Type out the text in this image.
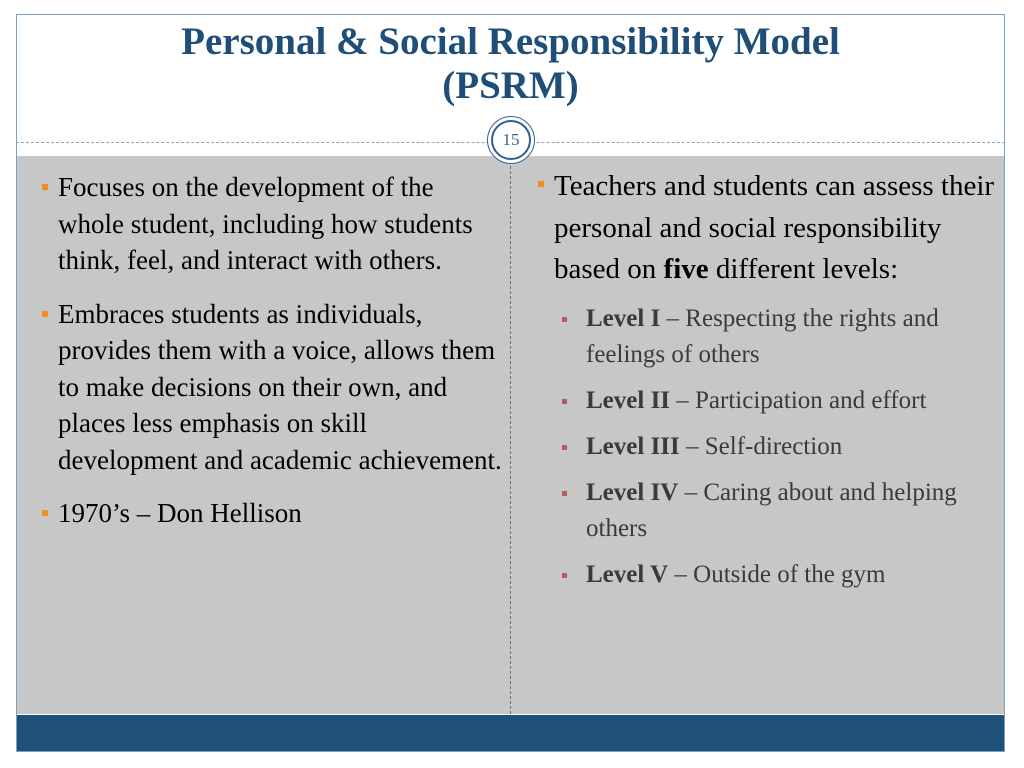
Personal & Social Responsibility Model
(PSRM)
15
Focuses on the development of the whole student, including how students think, feel, and interact with others.
Embraces students as individuals, provides them with a voice, allows them to make decisions on their own, and places less emphasis on skill development and academic achievement.
1970’s – Don Hellison
Teachers and students can assess their personal and social responsibility based on five different levels:
Level I – Respecting the rights and feelings of others
Level II – Participation and effort
Level III – Self-direction
Level IV – Caring about and helping others
Level V – Outside of the gym
